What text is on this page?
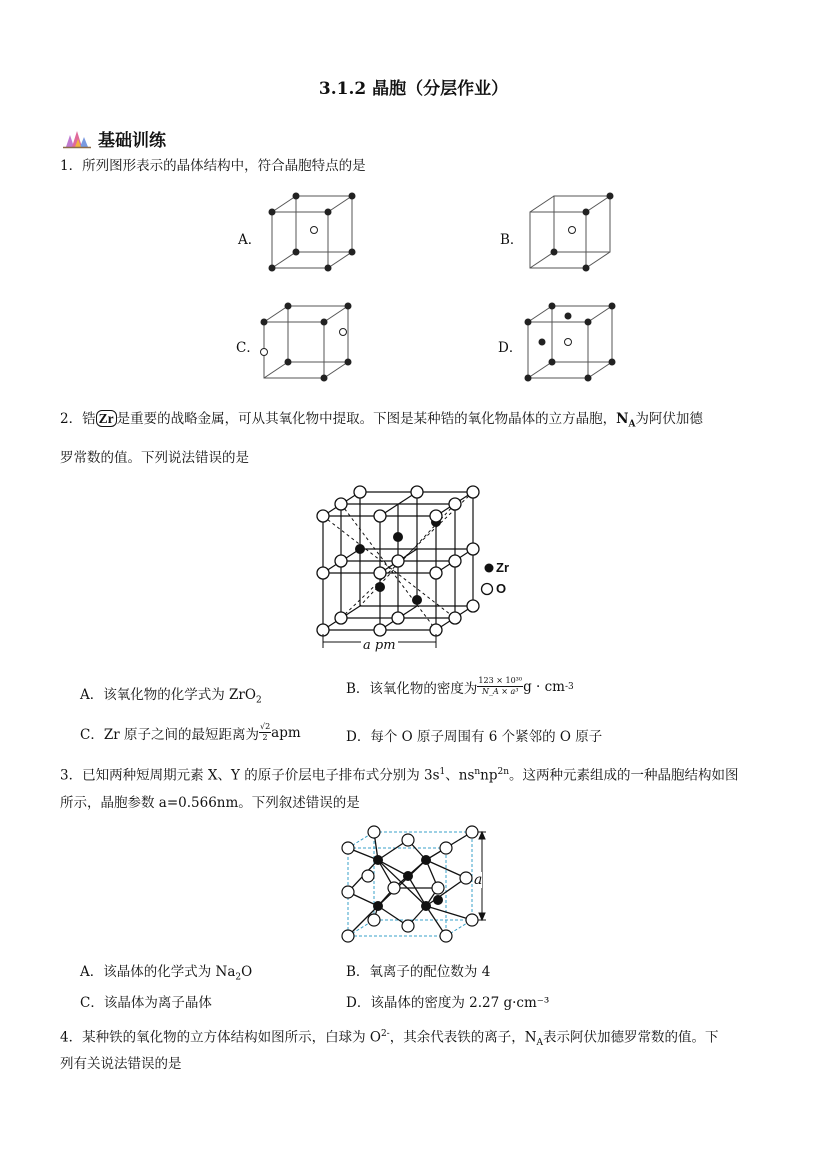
3.1.2 晶胞（分层作业）
基础训练
1．所列图形表示的晶体结构中，符合晶胞特点的是
A．	B．
C．	D．
2．锆 Zr 是重要的战略金属，可从其氧化物中提取。下图是某种锆的氧化物晶体的立方晶胞，$N_A$为阿伏加德
罗常数的值。下列说法错误的是
a pm
Zr
O
A．该氧化物的化学式为 ZrO$_2$
B．该氧化物的密度为 $\frac{\text{123 × 10³⁰}}{\text{N\_A × a³}}$ g · cm -3
C．Zr 原子之间的最短距离为 $\frac{√2}{2}$ apm	D．每个 O 原子周围有 6 个紧邻的 O 原子
3．已知两种短周期元素 X、Y 的原子价层电子排布式分别为 $3s^1$、$ns^nnp^{2n}$。这两种元素组成的一种晶胞结构如图
所示，晶胞参数 a=0.566nm。下列叙述错误的是
a
A．该晶体的化学式为 $Na_2O$	B．氧离子的配位数为 4
C．该晶体为离子晶体	D．该晶体的密度为 2.27 g·cm⁻³
4．某种铁的氧化物的立方体结构如图所示，白球为 $O^{2-}$，其余代表铁的离子，$N_A$表示阿伏加德罗常数的值。下
列有关说法错误的是
